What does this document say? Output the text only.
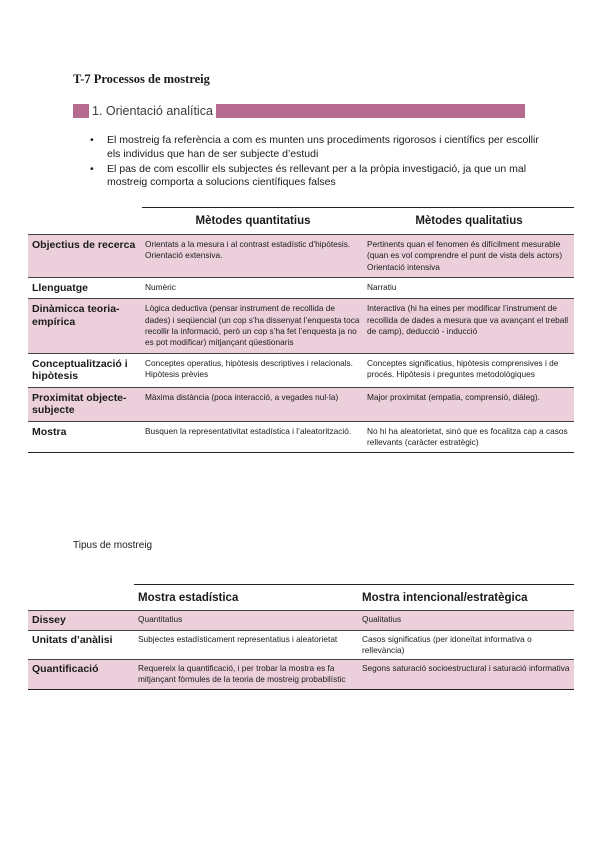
T-7 Processos de mostreig
1. Orientació analítica
• El mostreig fa referència a com es munten uns procediments rigorosos i científics per escollir els individus que han de ser subjecte d’estudi
• El pas de com escollir els subjectes és rellevant per a la pròpia investigació, ja que un mal mostreig comporta a solucions científiques falses
	Mètodes quantitatius	Mètodes qualitatius
Objectius de recerca	Orientats a la mesura i al contrast estadístic d’hipòtesis. Orientació extensiva.	Pertinents quan el fenomen és difícilment mesurable (quan es vol comprendre el punt de vista dels actors) Orientació intensiva
Llenguatge	Numèric	Narratiu
Dinàmicca teoria-empírica	Lògica deductiva (pensar instrument de recollida de dades) i seqüencial (un cop s’ha dissenyat l’enquesta toca recollir la informació, però un cop s’ha fet l’enquesta ja no es pot modificar) mitjançant qüestionaris	Interactiva (hi ha eines per modificar l’instrument de recollida de dades a mesura que va avançant el treball de camp), deducció - inducció
Conceptualització i hipòtesis	Conceptes operatius, hipòtesis descriptives i relacionals. Hipòtesis prèvies	Conceptes significatius, hipòtesis comprensives i de procés. Hipòtesis i preguntes metodològiques
Proximitat objecte-subjecte	Màxima distància (poca interacció, a vegades nul·la)	Major proximitat (empatia, comprensió, diàleg).
Mostra	Busquen la representativitat estadística i l’aleatorització.	No hi ha aleatorietat, sinó que es focalitza cap a casos rellevants (caràcter estratègic)
Tipus de mostreig
	Mostra estadística	Mostra intencional/estratègica
Dissey	Quantitatius	Qualitatius
Unitats d’anàlisi	Subjectes estadísticament representatius i aleatorietat	Casos significatius (per idoneïtat informativa o rellevància)
Quantificació	Requereix la quantificació, i per trobar la mostra es fa mitjançant fòrmules de la teoria de mostreig probabilístic	Segons saturació socioestructural i saturació informativa
